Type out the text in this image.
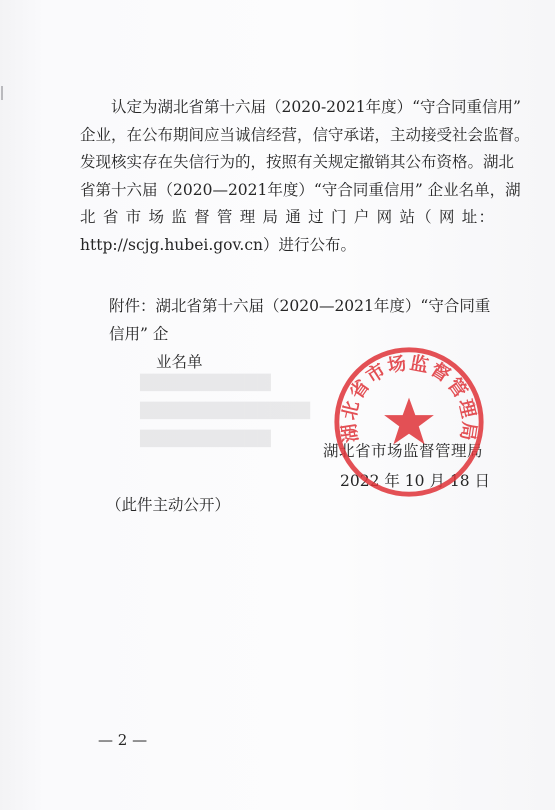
▇▇▇▇▇▇▇▇▇▇
▇▇▇▇▇▇▇▇▇▇▇▇▇
▇▇▇▇▇▇▇▇▇▇
认定为湖北省第十六届（2020-2021年度）“守合同重信用”
企业，在公布期间应当诚信经营，信守承诺，主动接受社会监督。
发现核实存在失信行为的，按照有关规定撤销其公布资格。湖北
省第十六届（2020—2021年度）“守合同重信用” 企业名单，湖
北 省 市 场 监 督 管 理 局 通 过 门 户 网 站（ 网 址：
http://scjg.hubei.gov.cn）进行公布。
附件：湖北省第十六届（2020—2021年度）“守合同重信用” 企
业名单
湖北省市场监督管理局
2022 年 10 月 18 日
湖北省市场监督管理局
（此件主动公开）
— 2 —
